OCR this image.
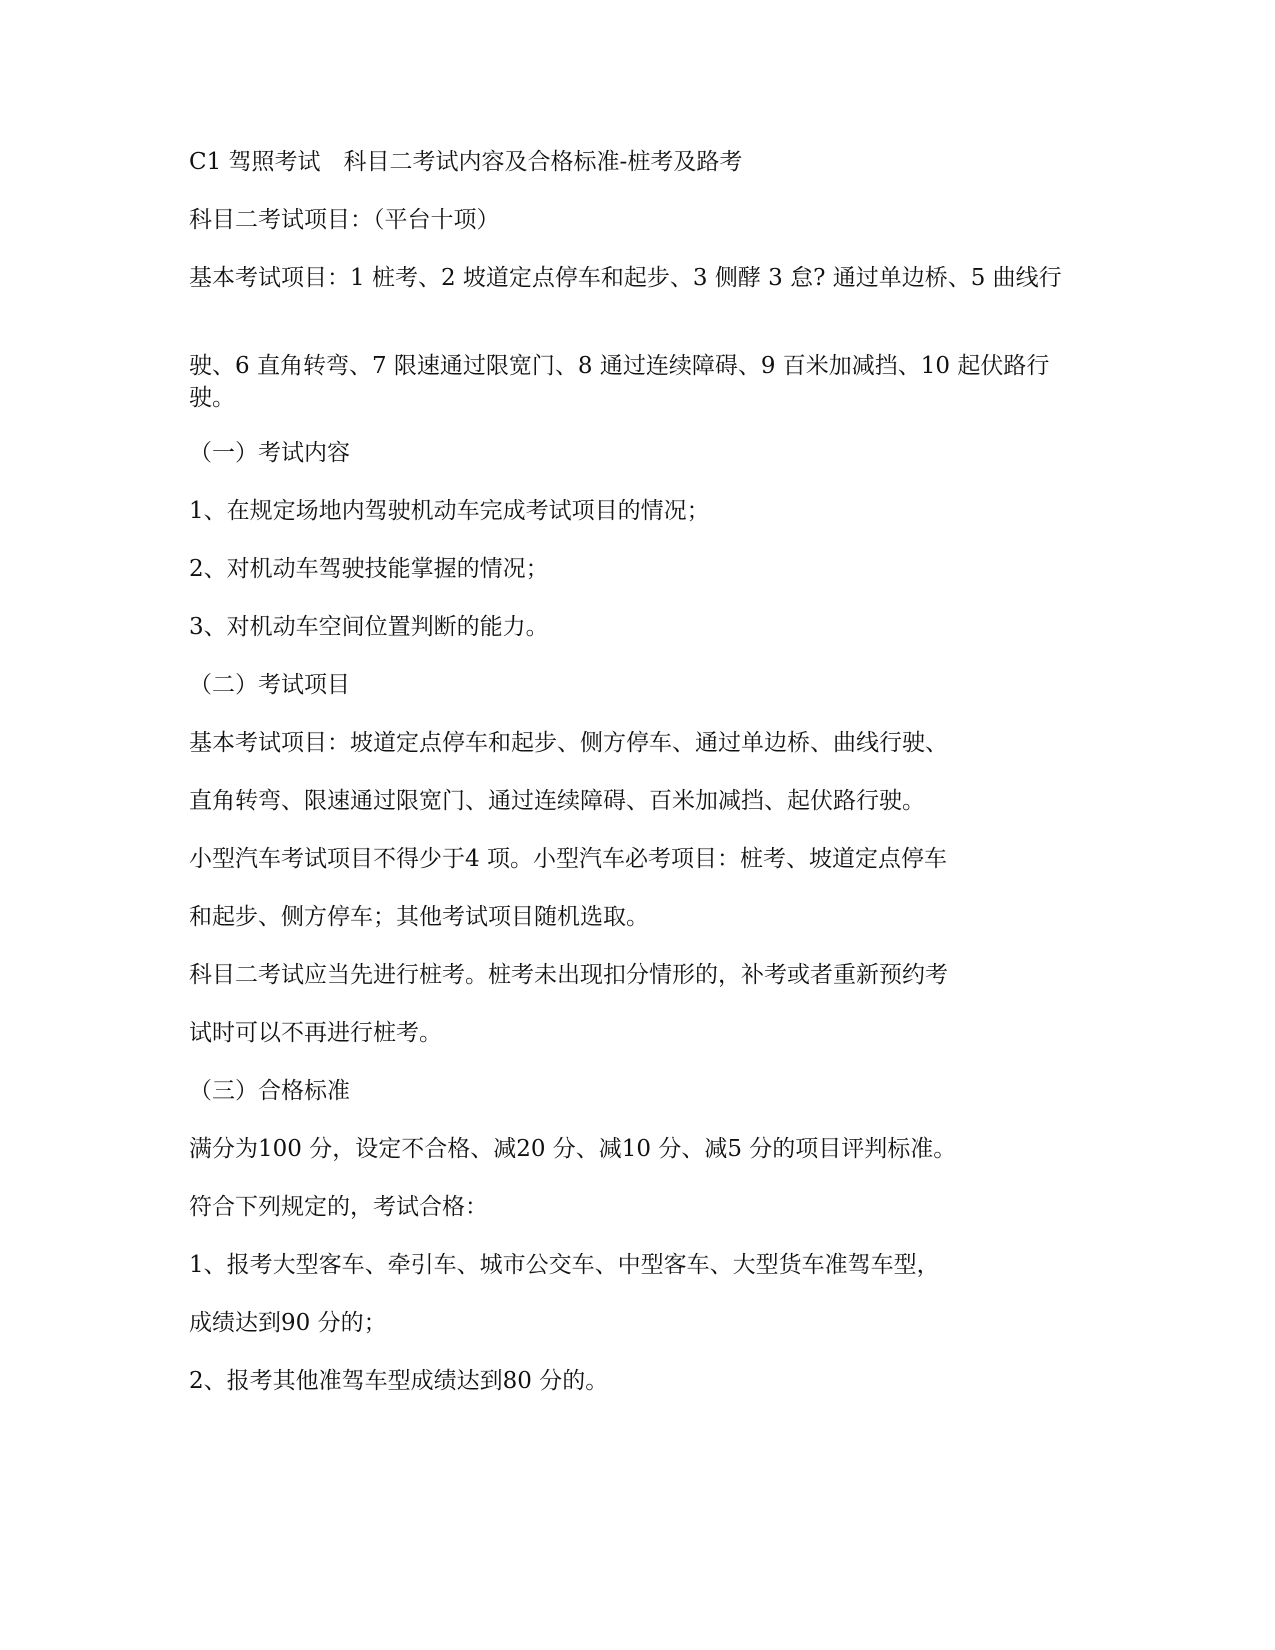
C1 驾照考试　科目二考试内容及合格标准-桩考及路考

科目二考试项目：（平台十项）

基本考试项目：1 桩考、2 坡道定点停车和起步、3 侧酵 3 怠? 通过单边桥、5 曲线行

驶、6 直角转弯、7 限速通过限宽门、8 通过连续障碍、9 百米加减挡、10 起伏路行驶。

（一）考试内容

1、在规定场地内驾驶机动车完成考试项目的情况；

2、对机动车驾驶技能掌握的情况；

3、对机动车空间位置判断的能力。

（二）考试项目

基本考试项目：坡道定点停车和起步、侧方停车、通过单边桥、曲线行驶、

直角转弯、限速通过限宽门、通过连续障碍、百米加减挡、起伏路行驶。

小型汽车考试项目不得少于4 项。小型汽车必考项目：桩考、坡道定点停车

和起步、侧方停车；其他考试项目随机选取。

科目二考试应当先进行桩考。桩考未出现扣分情形的，补考或者重新预约考

试时可以不再进行桩考。

（三）合格标准

满分为100 分，设定不合格、减20 分、减10 分、减5 分的项目评判标准。

符合下列规定的，考试合格：

1、报考大型客车、牵引车、城市公交车、中型客车、大型货车准驾车型，

成绩达到90 分的；

2、报考其他准驾车型成绩达到80 分的。
